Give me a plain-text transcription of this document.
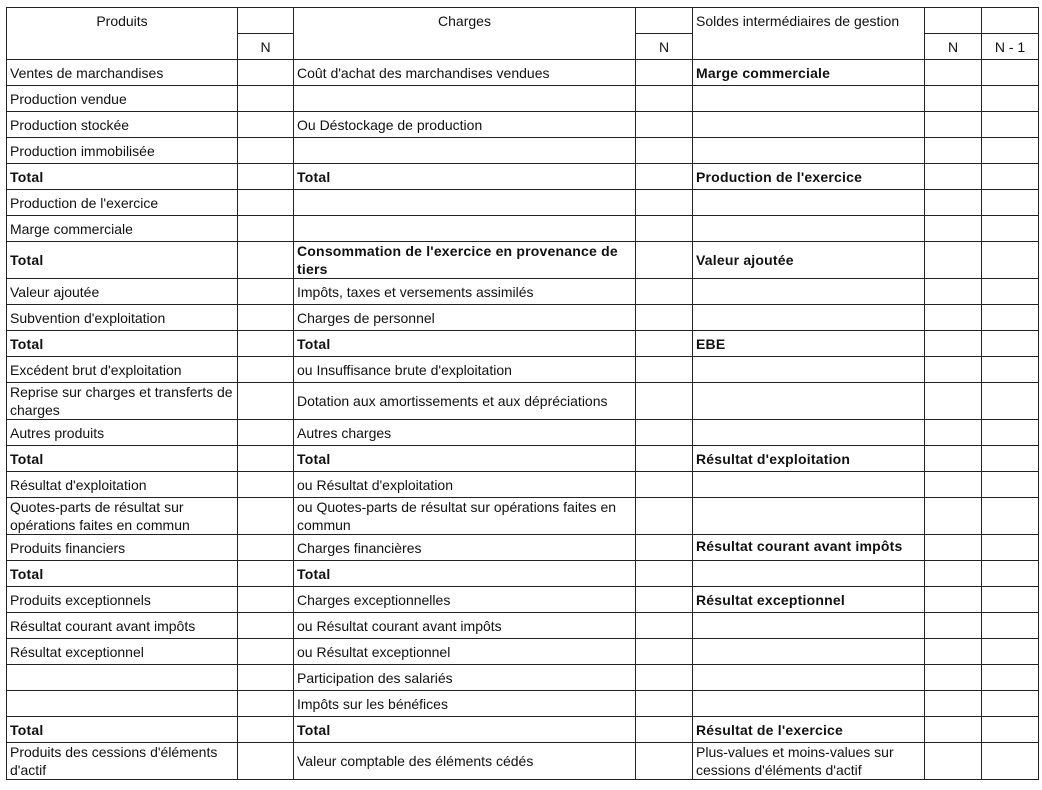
Produits		Charges		Soldes intermédiaires de gestion		
	N		N		N	N - 1
Ventes de marchandises		Coût d'achat des marchandises vendues		Marge commerciale		
Production vendue						
Production stockée		Ou Déstockage de production				
Production immobilisée						
Total		Total		Production de l'exercice		
Production de l'exercice						
Marge commerciale						
Total		Consommation de l'exercice en provenance de tiers		Valeur ajoutée		
Valeur ajoutée		Impôts, taxes et versements assimilés				
Subvention d'exploitation		Charges de personnel				
Total		Total		EBE		
Excédent brut d'exploitation		ou Insuffisance brute d'exploitation				
Reprise sur charges et transferts de charges		Dotation aux amortissements et aux dépréciations				
Autres produits		Autres charges				
Total		Total		Résultat d'exploitation		
Résultat d'exploitation		ou Résultat d'exploitation				
Quotes-parts de résultat sur opérations faites en commun		ou Quotes-parts de résultat sur opérations faites en commun				
Produits financiers		Charges financières		Résultat courant avant impôts		

Total		Total				
Produits exceptionnels		Charges exceptionnelles		Résultat exceptionnel		
Résultat courant avant impôts		ou Résultat courant avant impôts				
Résultat exceptionnel		ou Résultat exceptionnel				
		Participation des salariés				
		Impôts sur les bénéfices				
Total		Total		Résultat de l'exercice		
Produits des cessions d'éléments d'actif		Valeur comptable des éléments cédés		Plus-values et moins-values sur cessions d'éléments d'actif		
